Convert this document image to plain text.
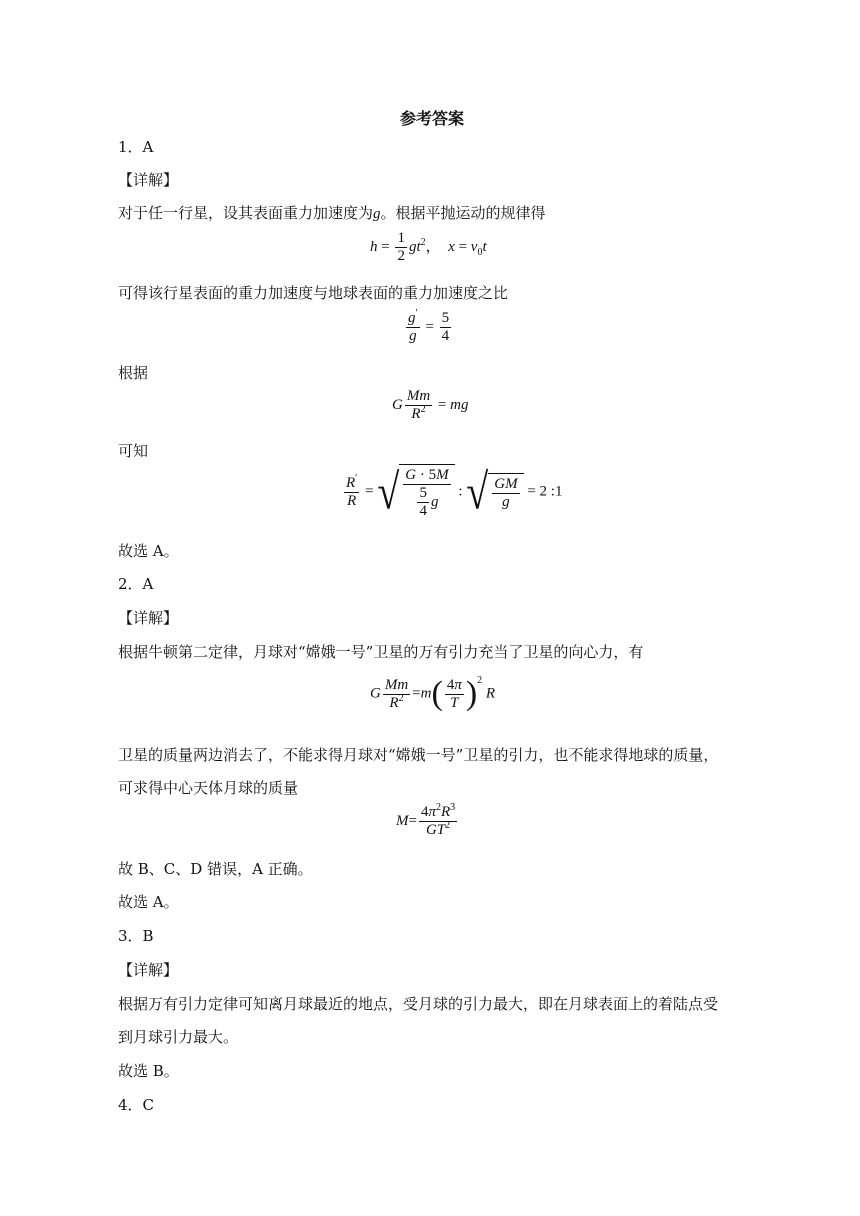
参考答案
1．A
【详解】
对于任一行星，设其表面重力加速度为g。根据平抛运动的规律得
$h = \frac{1}{2} gt^2$，  $x = v_0t$
可得该行星表面的重力加速度与地球表面的重力加速度之比
$\frac{g'}{g} = \frac{5}{4}$
根据
G $\frac{Mm}{R^2}$ = mg
可知
$\frac{R'}{R}$ = √ $\frac{G \cdot 5M}{\frac{5}{4} g}$ : √ $\frac{GM}{g} = 2$ :1
故选 A。
2．A
【详解】
根据牛顿第二定律，月球对“嫦娥一号”卫星的万有引力充当了卫星的向心力，有
G $\frac{Mm}{R^2} =m( \frac{4\pi}{T} )^2$ R
卫星的质量两边消去了，不能求得月球对“嫦娥一号”卫星的引力，也不能求得地球的质量，
可求得中心天体月球的质量
$M= \frac{4\pi^2R^3}{GT^2}$
故 B、C、D 错误，A 正确。
故选 A。
3．B
【详解】
根据万有引力定律可知离月球最近的地点，受月球的引力最大，即在月球表面上的着陆点受
到月球引力最大。
故选 B。
4．C
